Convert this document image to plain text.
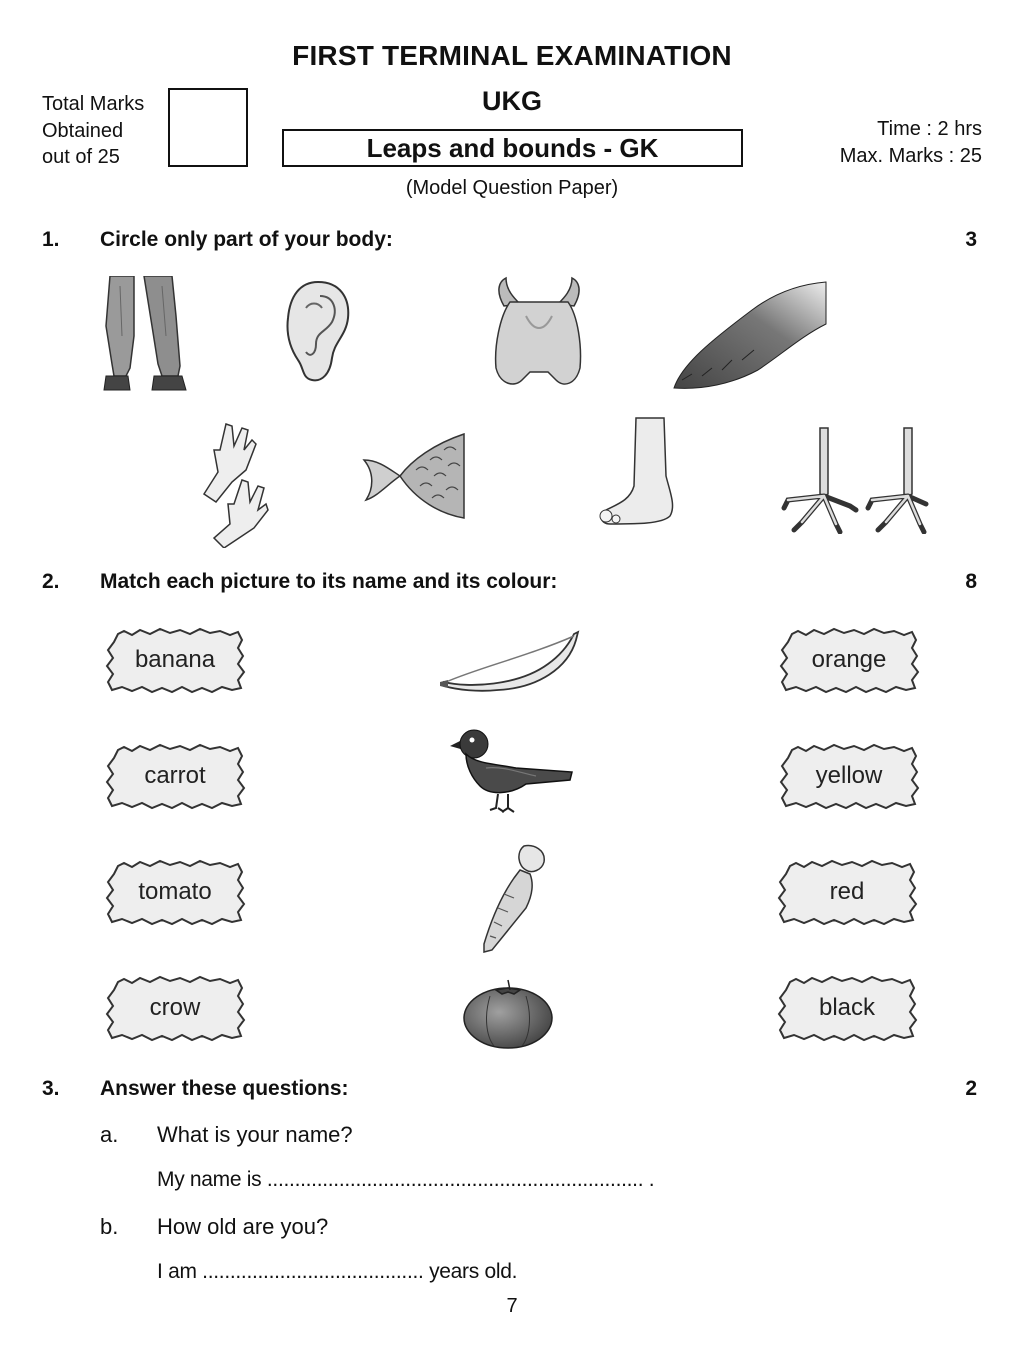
FIRST TERMINAL EXAMINATION
UKG
Total Marks
Obtained
out of 25	Leaps and bounds - GK
Time : 2 hrs
Max. Marks : 25
(Model Question Paper)
1. Circle only part of your body:	3
2. Match each picture to its name and its colour:	8
banana
carrot
tomato
crow
orange
yellow
red
black
3. Answer these questions:	2
a. What is your name?
My name is .................................................................... .
b. How old are you?
I am ........................................ years old.
7
